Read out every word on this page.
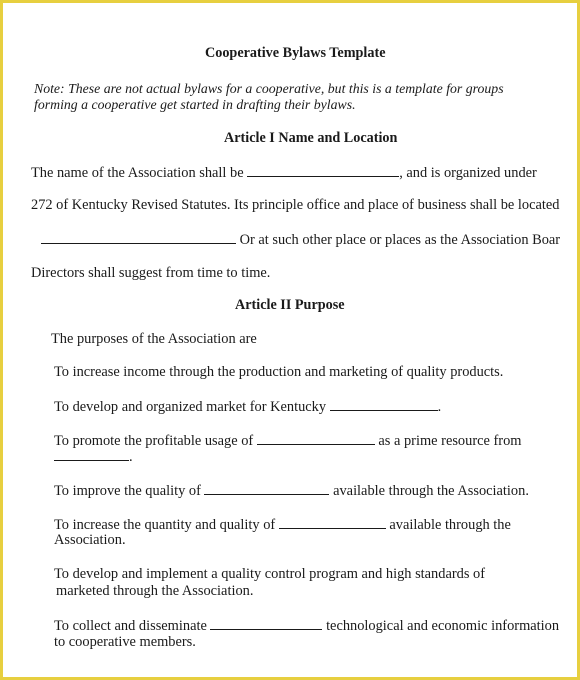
Cooperative Bylaws Template
Note: These are not actual bylaws for a cooperative, but this is a template for groups
forming a cooperative get started in drafting their bylaws.
Article I Name and Location
The name of the Association shall be	, and is organized under
272 of Kentucky Revised Statutes. Its principle office and place of business shall be located
Or at such other place or places as the Association Boar
Directors shall suggest from time to time.
Article II Purpose
The purposes of the Association are
To increase income through the production and marketing of quality products.
To develop and organized market for Kentucky	.
To promote the profitable usage of	as a prime resource from
.
To improve the quality of	available through the Association.
To increase the quantity and quality of	available through the
Association.
To develop and implement a quality control program and high standards of
marketed through the Association.
To collect and disseminate	technological and economic information
to cooperative members.
